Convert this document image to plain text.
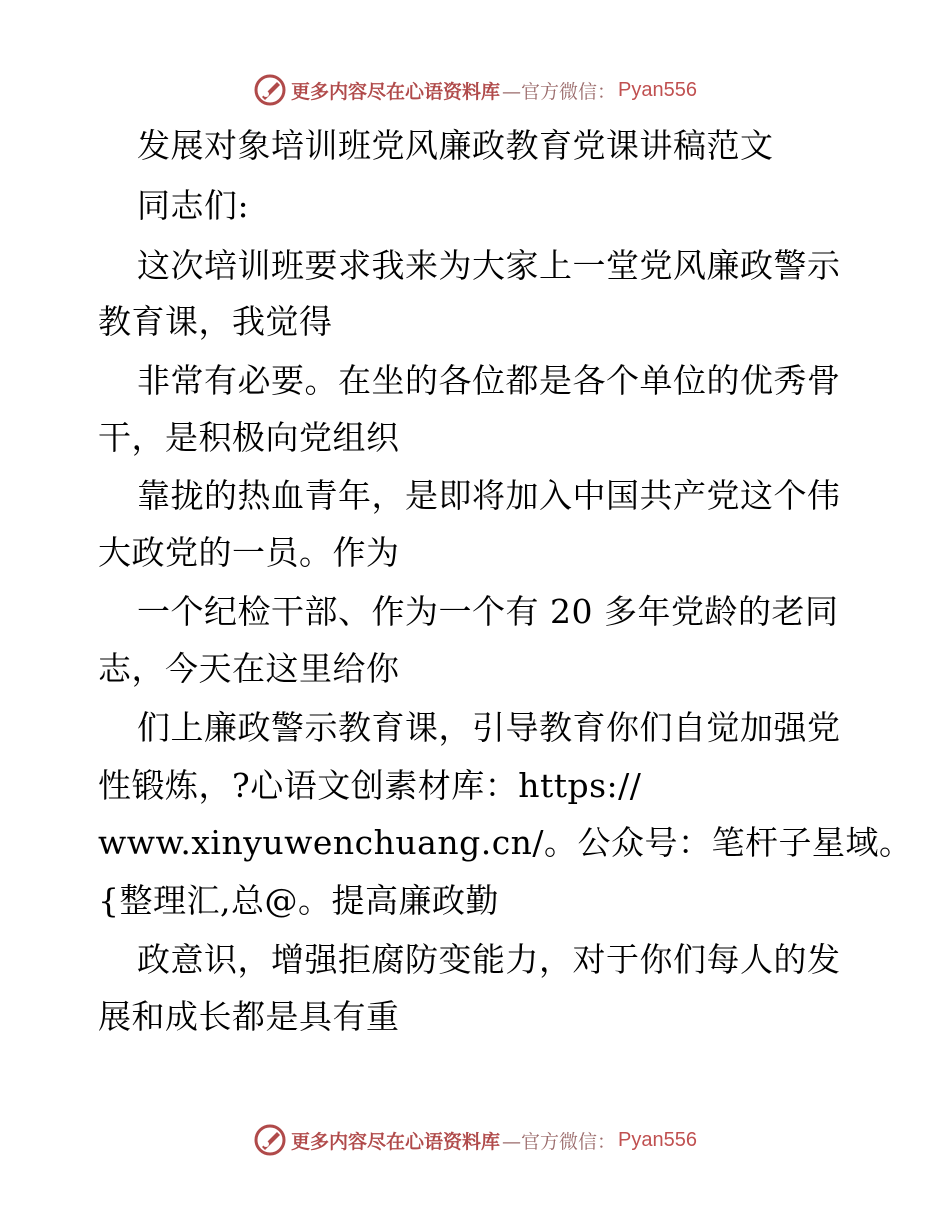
更多内容尽在心语资料库 —官方微信： Pyan556
发展对象培训班党风廉政教育党课讲稿范文
同志们:
这次培训班要求我来为大家上一堂党风廉政警示
教育课，我觉得
非常有必要。在坐的各位都是各个单位的优秀骨
干，是积极向党组织
靠拢的热血青年，是即将加入中国共产党这个伟
大政党的一员。作为
一个纪检干部、作为一个有 20 多年党龄的老同
志，今天在这里给你
们上廉政警示教育课，引导教育你们自觉加强党
性锻炼，?心语文创素材库：https://
www.xinyuwenchuang.cn/。公众号：笔杆子星域。
{整理汇,总@。提高廉政勤
政意识，增强拒腐防变能力，对于你们每人的发
展和成长都是具有重
更多内容尽在心语资料库 —官方微信： Pyan556
